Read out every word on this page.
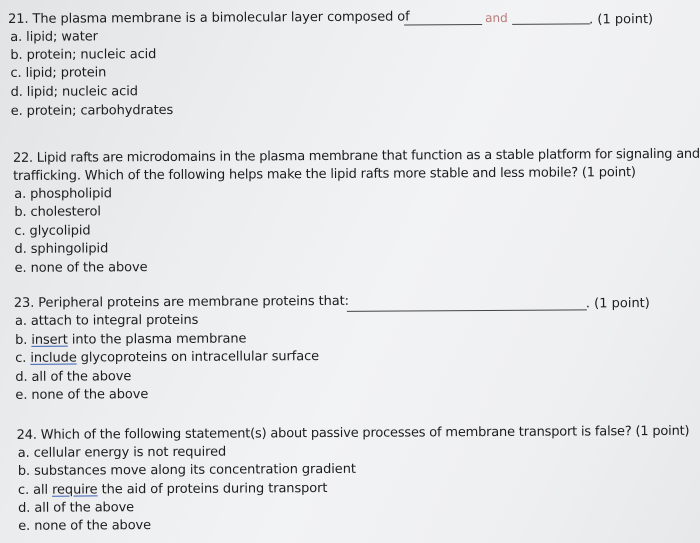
21. The plasma membrane is a bimolecular layer composed of	and	. (1 point)
a. lipid; water
b. protein; nucleic acid
c. lipid; protein
d. lipid; nucleic acid
e. protein; carbohydrates
22. Lipid rafts are microdomains in the plasma membrane that function as a stable platform for signaling and
trafficking. Which of the following helps make the lipid rafts more stable and less mobile? (1 point)
a. phospholipid
b. cholesterol
c. glycolipid
d. sphingolipid
e. none of the above
23. Peripheral proteins are membrane proteins that:	. (1 point)
a. attach to integral proteins
b. insert into the plasma membrane
c. include glycoproteins on intracellular surface
d. all of the above
e. none of the above
24. Which of the following statement(s) about passive processes of membrane transport is false? (1 point)
a. cellular energy is not required
b. substances move along its concentration gradient
c. all require the aid of proteins during transport
d. all of the above
e. none of the above
